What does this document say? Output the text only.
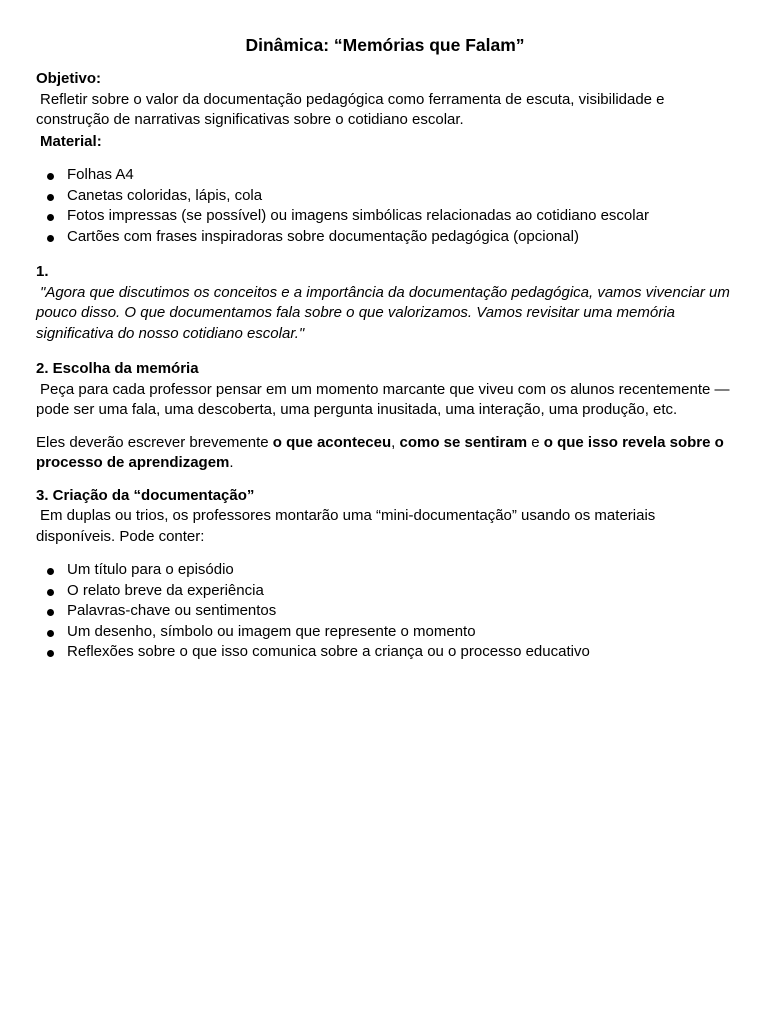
Dinâmica: “Memórias que Falam”
Objetivo:
Refletir sobre o valor da documentação pedagógica como ferramenta de escuta, visibilidade e construção de narrativas significativas sobre o cotidiano escolar.
Material:
Folhas A4
Canetas coloridas, lápis, cola
Fotos impressas (se possível) ou imagens simbólicas relacionadas ao cotidiano escolar
Cartões com frases inspiradoras sobre documentação pedagógica (opcional)
1.
"Agora que discutimos os conceitos e a importância da documentação pedagógica, vamos vivenciar um pouco disso. O que documentamos fala sobre o que valorizamos. Vamos revisitar uma memória significativa do nosso cotidiano escolar."
2. Escolha da memória
Peça para cada professor pensar em um momento marcante que viveu com os alunos recentemente — pode ser uma fala, uma descoberta, uma pergunta inusitada, uma interação, uma produção, etc.
Eles deverão escrever brevemente o que aconteceu, como se sentiram e o que isso revela sobre o processo de aprendizagem.
3. Criação da “documentação”
Em duplas ou trios, os professores montarão uma “mini-documentação” usando os materiais disponíveis. Pode conter:
Um título para o episódio
O relato breve da experiência
Palavras-chave ou sentimentos
Um desenho, símbolo ou imagem que represente o momento
Reflexões sobre o que isso comunica sobre a criança ou o processo educativo
